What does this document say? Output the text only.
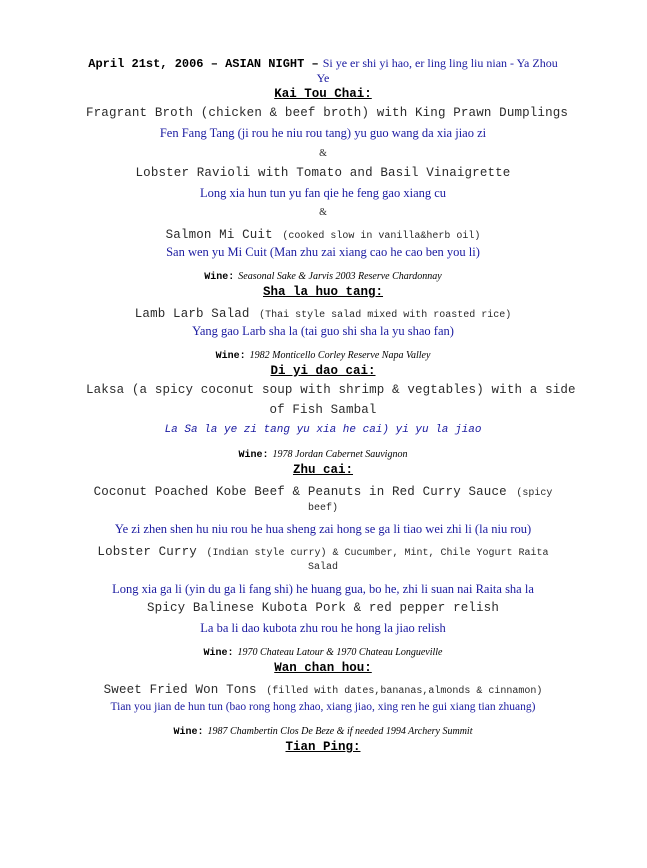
April 21st, 2006 – ASIAN NIGHT – Si ye er shi yi hao, er ling ling liu nian - Ya Zhou
Ye
Kai Tou Chai:
Fragrant Broth (chicken & beef broth) with King Prawn Dumplings
Fen Fang Tang (ji rou he niu rou tang) yu guo wang da xia jiao zi
&
Lobster Ravioli with Tomato and Basil Vinaigrette
Long xia hun tun yu fan qie he feng gao xiang cu
&
Salmon Mi Cuit (cooked slow in vanilla&herb oil)
San wen yu Mi Cuit (Man zhu zai xiang cao he cao ben you li)
Wine: Seasonal Sake & Jarvis 2003 Reserve Chardonnay
Sha la huo tang:
Lamb Larb Salad (Thai style salad mixed with roasted rice)
Yang gao Larb sha la (tai guo shi sha la yu shao fan)
Wine: 1982 Monticello Corley Reserve Napa Valley
Di yi dao cai:
Laksa (a spicy coconut soup with shrimp & vegtables) with a side
of Fish Sambal
La Sa la ye zi tang yu xia he cai) yi yu la jiao
Wine: 1978 Jordan Cabernet Sauvignon
Zhu cai:
Coconut Poached Kobe Beef & Peanuts in Red Curry Sauce (spicy
beef)
Ye zi zhen shen hu niu rou he hua sheng zai hong se ga li tiao wei zhi li (la niu rou)
Lobster Curry (Indian style curry) & Cucumber, Mint, Chile Yogurt Raita
Salad
Long xia ga li (yin du ga li fang shi) he huang gua, bo he, zhi li suan nai Raita sha la
Spicy Balinese Kubota Pork & red pepper relish
La ba li dao kubota zhu rou he hong la jiao relish
Wine: 1970 Chateau Latour & 1970 Chateau Longueville
Wan chan hou:
Sweet Fried Won Tons (filled with dates,bananas,almonds & cinnamon)
Tian you jian de hun tun (bao rong hong zhao, xiang jiao, xing ren he gui xiang tian zhuang)
Wine: 1987 Chambertin Clos De Beze & if needed 1994 Archery Summit
Tian Ping:
